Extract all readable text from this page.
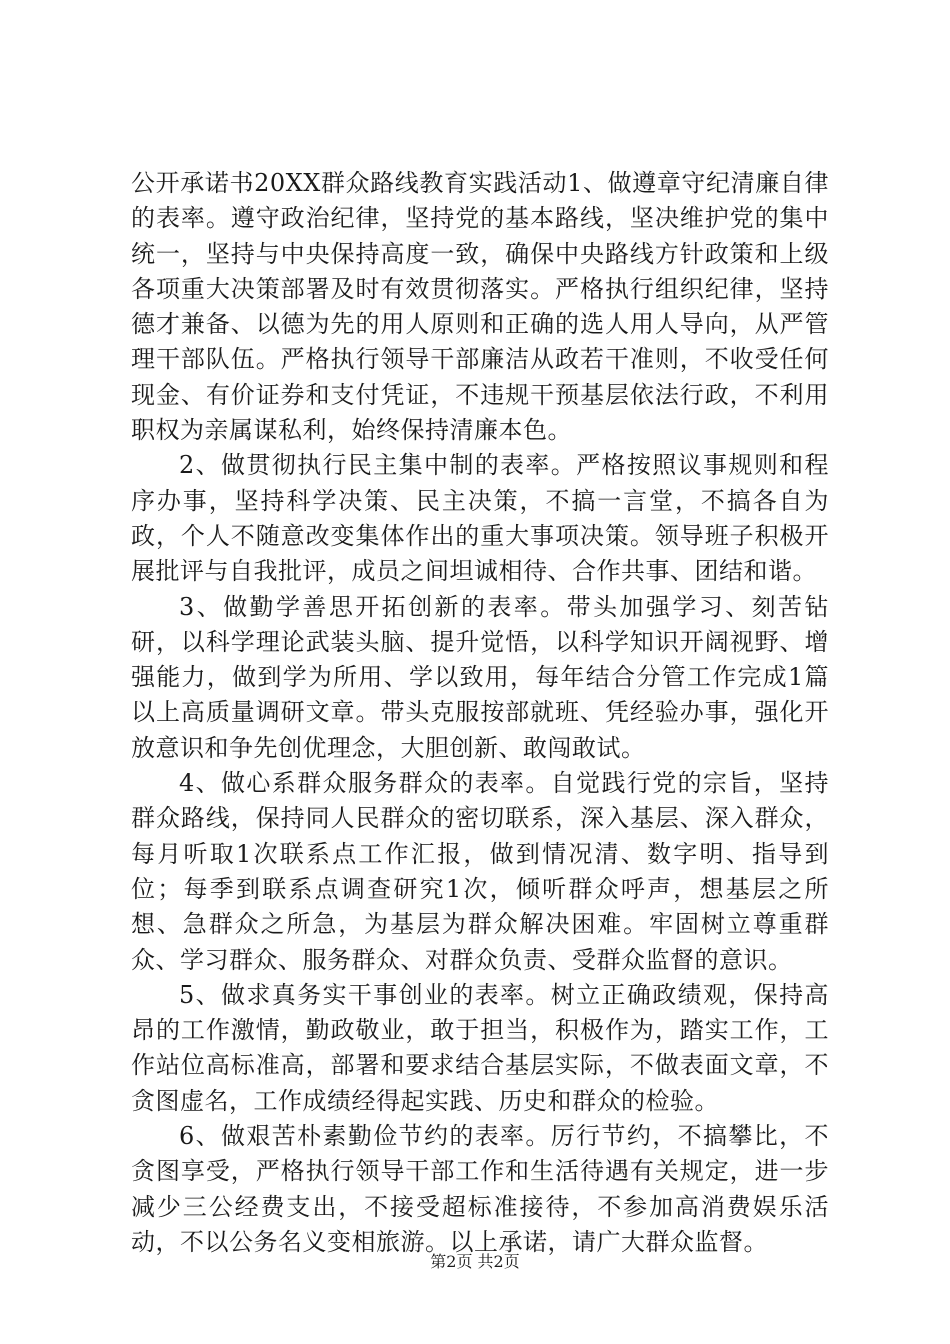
公开承诺书20XX群众路线教育实践活动1、做遵章守纪清廉自律的表率。遵守政治纪律，坚持党的基本路线，坚决维护党的集中统一，坚持与中央保持高度一致，确保中央路线方针政策和上级各项重大决策部署及时有效贯彻落实。严格执行组织纪律，坚持德才兼备、以德为先的用人原则和正确的选人用人导向，从严管理干部队伍。严格执行领导干部廉洁从政若干准则，不收受任何现金、有价证券和支付凭证，不违规干预基层依法行政，不利用职权为亲属谋私利，始终保持清廉本色。

2、做贯彻执行民主集中制的表率。严格按照议事规则和程序办事，坚持科学决策、民主决策，不搞一言堂，不搞各自为政，个人不随意改变集体作出的重大事项决策。领导班子积极开展批评与自我批评，成员之间坦诚相待、合作共事、团结和谐。

3、做勤学善思开拓创新的表率。带头加强学习、刻苦钻研，以科学理论武装头脑、提升觉悟，以科学知识开阔视野、增强能力，做到学为所用、学以致用，每年结合分管工作完成1篇以上高质量调研文章。带头克服按部就班、凭经验办事，强化开放意识和争先创优理念，大胆创新、敢闯敢试。

4、做心系群众服务群众的表率。自觉践行党的宗旨，坚持群众路线，保持同人民群众的密切联系，深入基层、深入群众，每月听取1次联系点工作汇报，做到情况清、数字明、指导到位；每季到联系点调查研究1次，倾听群众呼声，想基层之所想、急群众之所急，为基层为群众解决困难。牢固树立尊重群众、学习群众、服务群众、对群众负责、受群众监督的意识。

5、做求真务实干事创业的表率。树立正确政绩观，保持高昂的工作激情，勤政敬业，敢于担当，积极作为，踏实工作，工作站位高标准高，部署和要求结合基层实际，不做表面文章，不贪图虚名，工作成绩经得起实践、历史和群众的检验。

6、做艰苦朴素勤俭节约的表率。厉行节约，不搞攀比，不贪图享受，严格执行领导干部工作和生活待遇有关规定，进一步减少三公经费支出，不接受超标准接待，不参加高消费娱乐活动，不以公务名义变相旅游。以上承诺，请广大群众监督。

第2页 共2页
